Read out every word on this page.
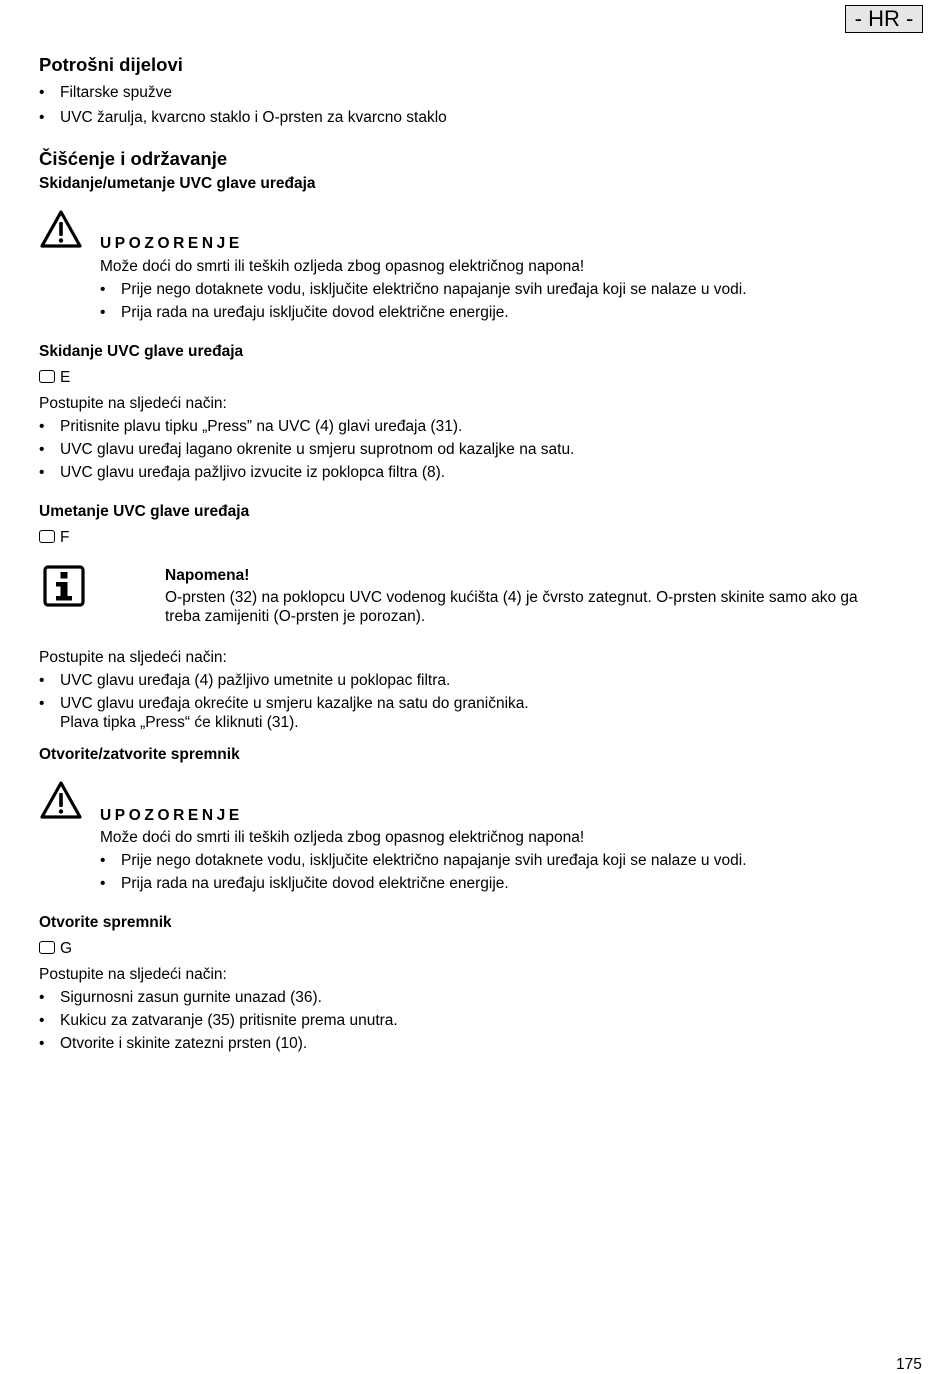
- HR -
Potrošni dijelovi
• Filtarske spužve
• UVC žarulja, kvarcno staklo i O-prsten za kvarcno staklo
Čišćenje i održavanje
Skidanje/umetanje UVC glave uređaja
UPOZORENJE
Može doći do smrti ili teških ozljeda zbog opasnog električnog napona!
• Prije nego dotaknete vodu, isključite električno napajanje svih uređaja koji se nalaze u vodi.
• Prija rada na uređaju isključite dovod električne energije.
Skidanje UVC glave uređaja
E
Postupite na sljedeći način:
• Pritisnite plavu tipku „Press” na UVC (4) glavi uređaja (31).
• UVC glavu uređaj lagano okrenite u smjeru suprotnom od kazaljke na satu.
• UVC glavu uređaja pažljivo izvucite iz poklopca filtra (8).
Umetanje UVC glave uređaja
F
Napomena!
O-prsten (32) na poklopcu UVC vodenog kućišta (4) je čvrsto zategnut. O-prsten skinite samo ako ga
treba zamijeniti (O-prsten je porozan).
Postupite na sljedeći način:
• UVC glavu uređaja (4) pažljivo umetnite u poklopac filtra.
• UVC glavu uređaja okrećite u smjeru kazaljke na satu do graničnika.
Plava tipka „Press“ će kliknuti (31).
Otvorite/zatvorite spremnik
UPOZORENJE
Može doći do smrti ili teških ozljeda zbog opasnog električnog napona!
• Prije nego dotaknete vodu, isključite električno napajanje svih uređaja koji se nalaze u vodi.
• Prija rada na uređaju isključite dovod električne energije.
Otvorite spremnik
G
Postupite na sljedeći način:
• Sigurnosni zasun gurnite unazad (36).
• Kukicu za zatvaranje (35) pritisnite prema unutra.
• Otvorite i skinite zatezni prsten (10).
175
